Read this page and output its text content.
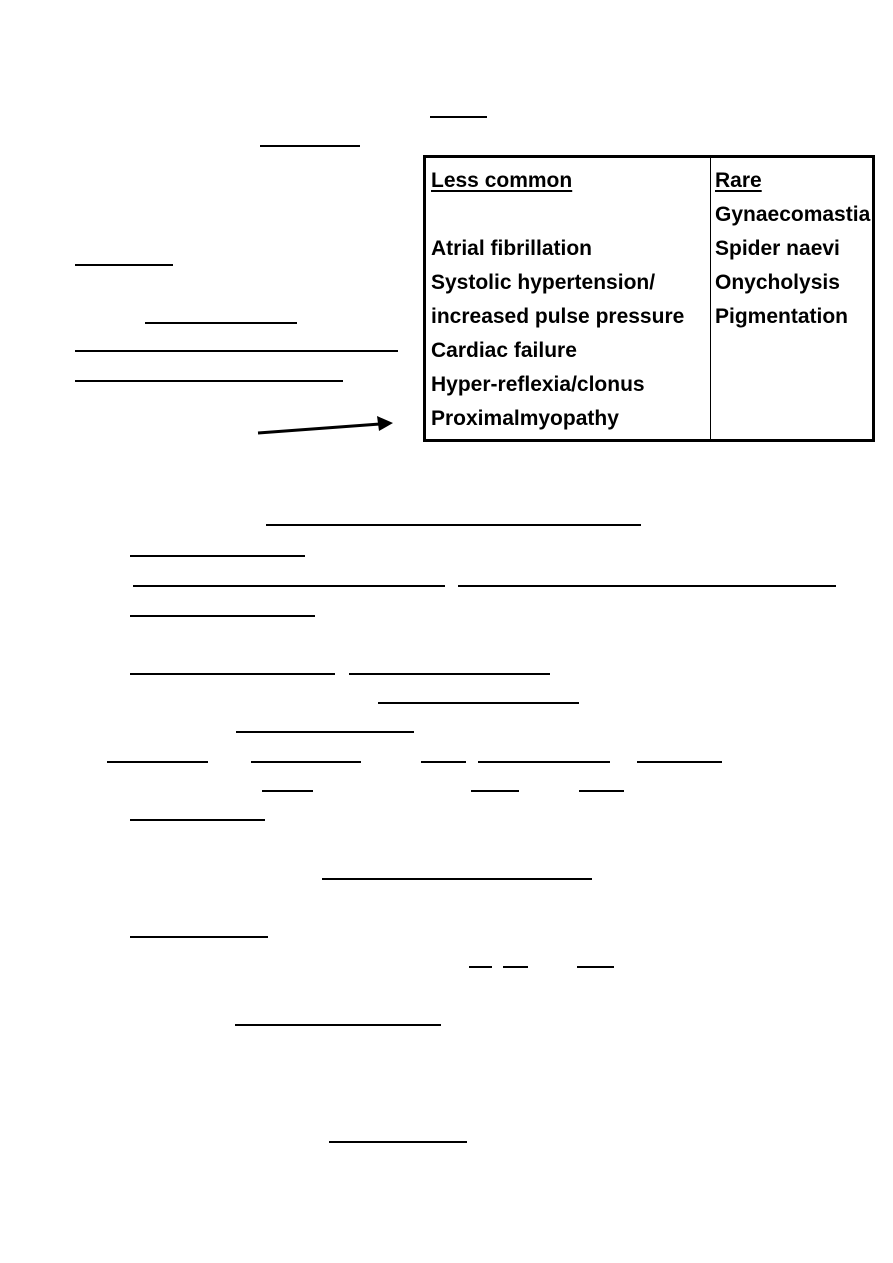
Less common
Atrial fibrillation
Systolic hypertension/
increased pulse pressure
Cardiac failure
Hyper-reflexia/clonus
Proximalmyopathy
Rare
Gynaecomastia
Spider naevi
Onycholysis
Pigmentation
